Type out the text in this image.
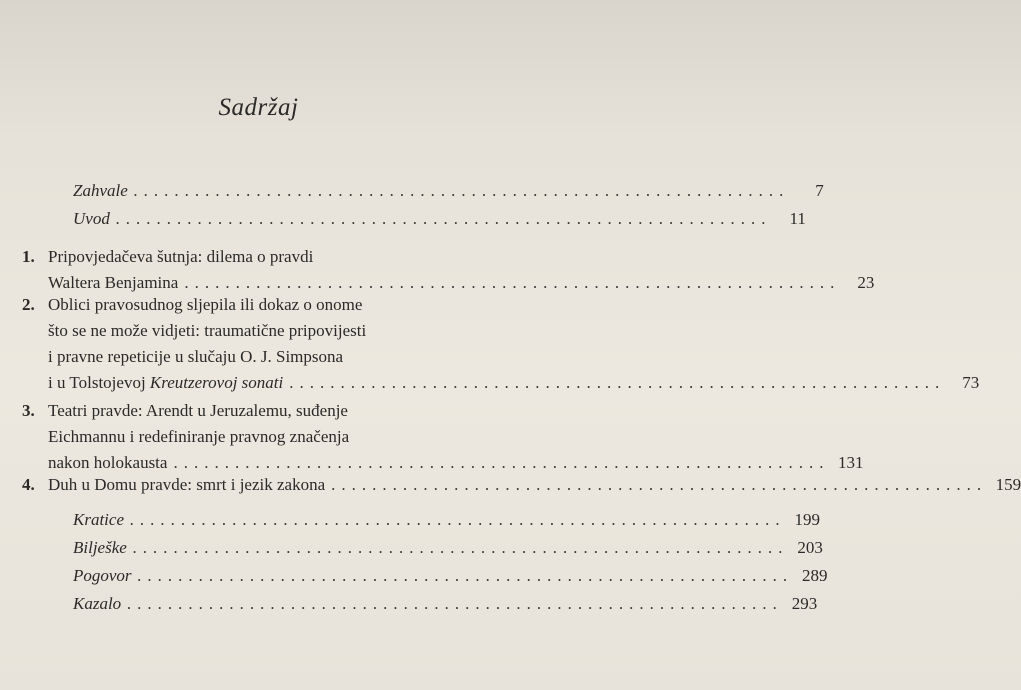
Sadržaj
Zahvale ................................................................	7
Uvod ................................................................	11
1. Pripovjedačeva šutnja: dilema o pravdi
Waltera Benjamina ................................................................	23
2. Oblici pravosudnog sljepila ili dokaz o onome
što se ne može vidjeti: traumatične pripovijesti
i pravne repeticije u slučaju O. J. Simpsona
i u Tolstojevoj Kreutzerovoj sonati ................................................................	73
3. Teatri pravde: Arendt u Jeruzalemu, suđenje
Eichmannu i redefiniranje pravnog značenja
nakon holokausta ................................................................ 131
4. Duh u Domu pravde: smrt i jezik zakona ................................................................ 159
Kratice ................................................................ 199
Bilješke ................................................................ 203
Pogovor ................................................................ 289
Kazalo ................................................................ 293
